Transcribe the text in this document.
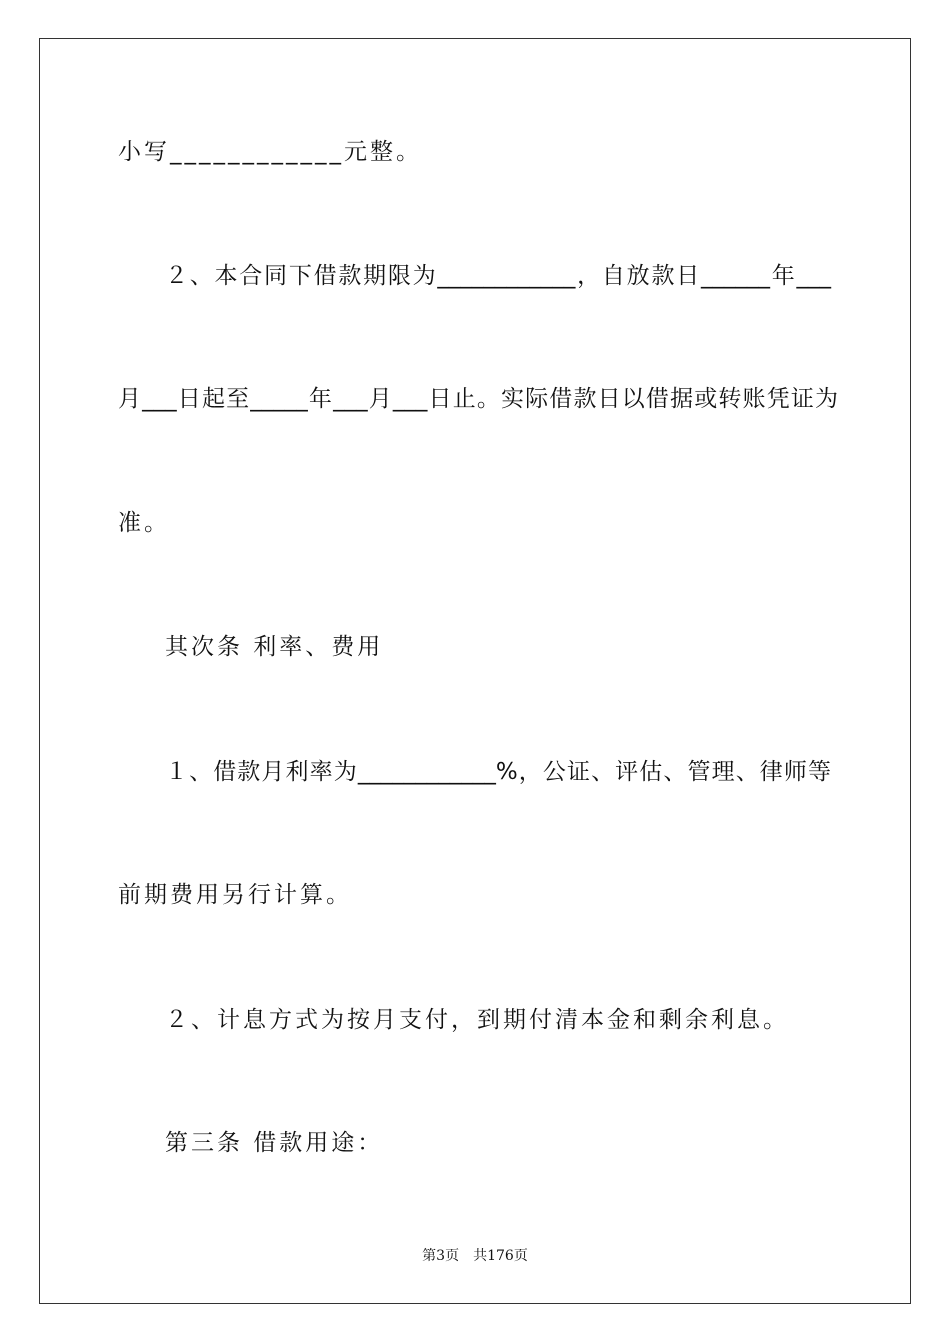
小写____________元整。
２、本合同下借款期限为____________，自放款日______年___
月___日起至_____年___月___日止。实际借款日以借据或转账凭证为
准。
其次条 利率、费用
１、借款月利率为____________%，公证、评估、管理、律师等
前期费用另行计算。
２、计息方式为按月支付，到期付清本金和剩余利息。
第三条 借款用途：
第3页 共176页
